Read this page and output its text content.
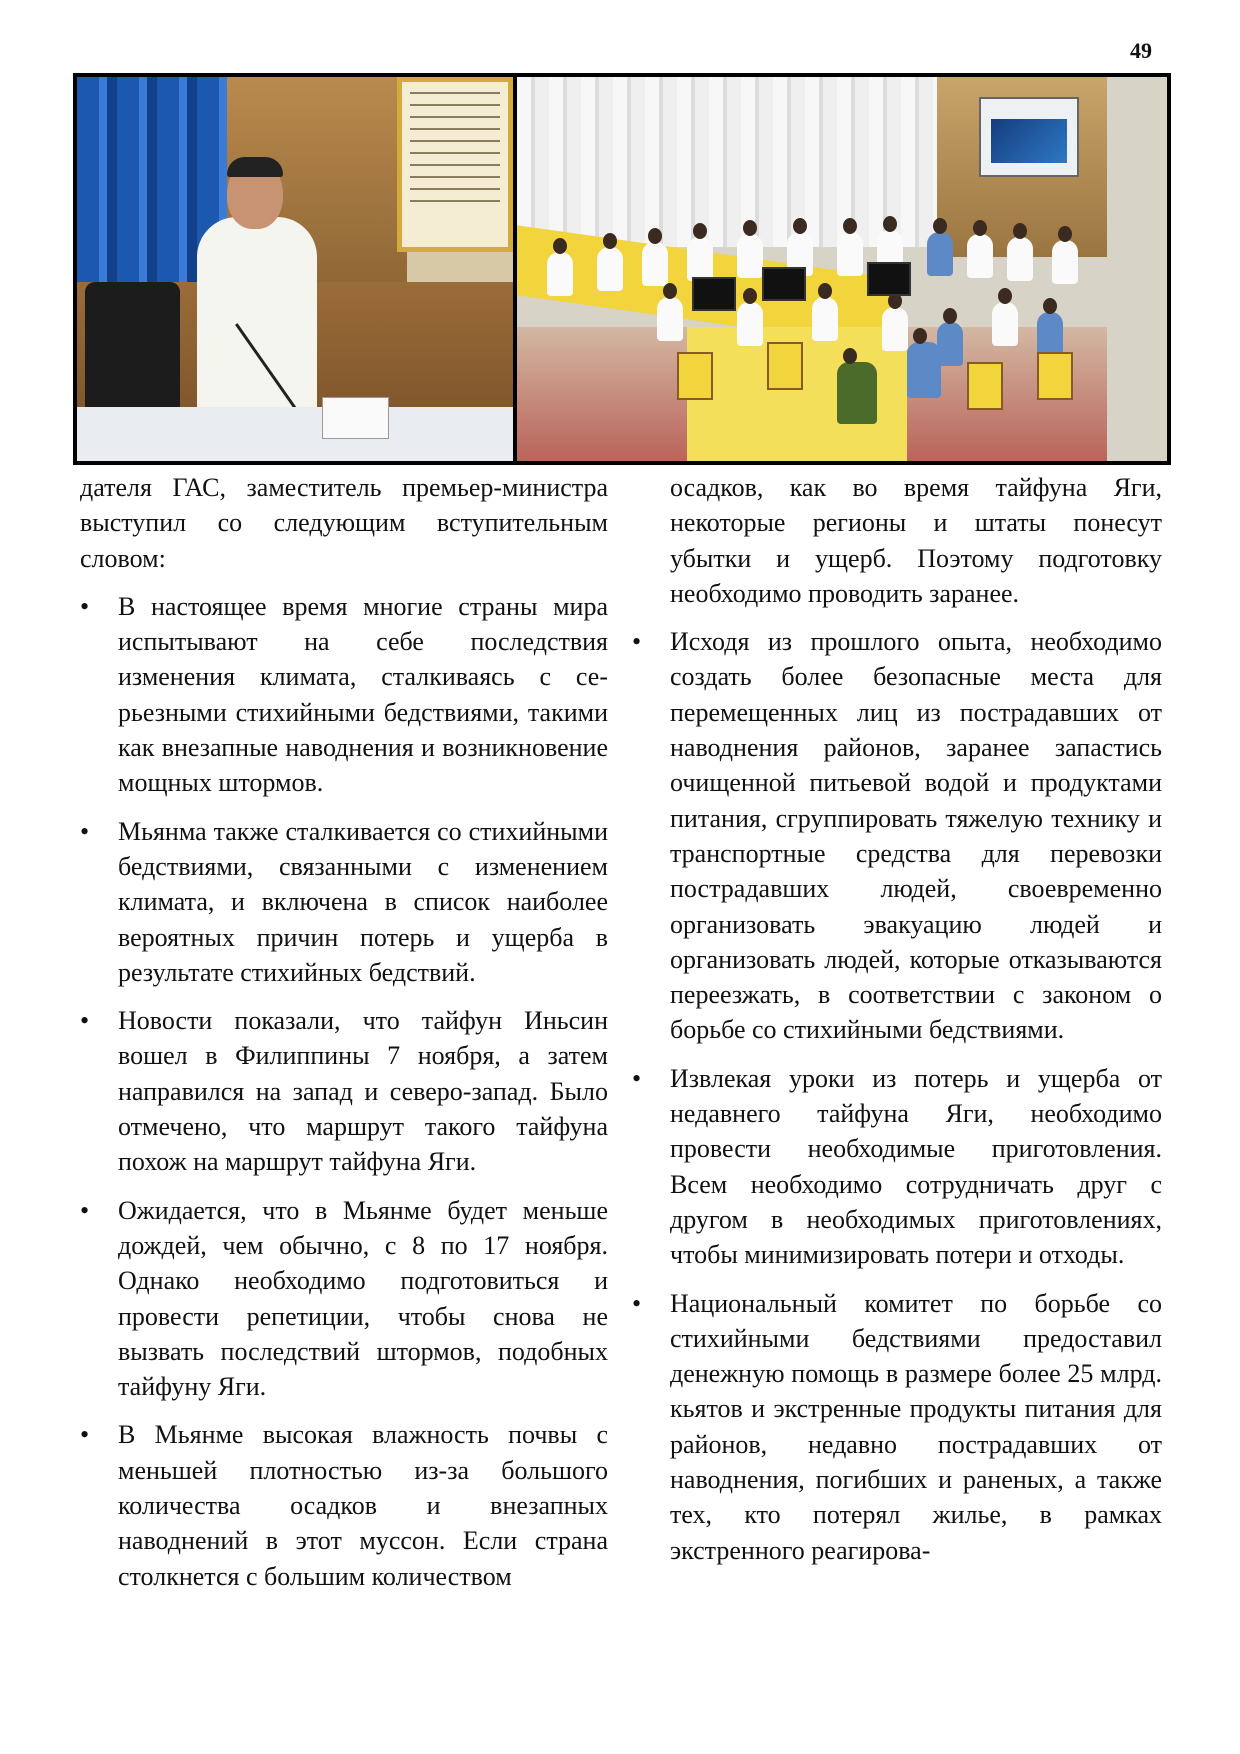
49

дателя ГАС, заместитель премьер-министра выступил со следующим вступительным словом:

• В настоящее время многие страны мира испытывают на себе последствия изменения климата, сталкиваясь с серьезными стихийными бедствиями, такими как внезапные наводнения и возникновение мощных штормов.
• Мьянма также сталкивается со стихийными бедствиями, связанными с изменением климата, и включена в список наиболее вероятных причин потерь и ущерба в результате стихийных бедствий.
• Новости показали, что тайфун Иньсин вошел в Филиппины 7 ноября, а затем направился на запад и северо-запад. Было отмечено, что маршрут такого тайфуна похож на маршрут тайфуна Яги.
• Ожидается, что в Мьянме будет меньше дождей, чем обычно, с 8 по 17 ноября. Однако необходимо подготовиться и провести репетиции, чтобы снова не вызвать последствий штормов, подобных тайфуну Яги.
• В Мьянме высокая влажность почвы с меньшей плотностью из-за большого количества осадков и внезапных наводнений в этот муссон. Если страна столкнется с большим количеством

осадков, как во время тайфуна Яги, некоторые регионы и штаты понесут убытки и ущерб. Поэтому подготовку необходимо проводить заранее.

• Исходя из прошлого опыта, необходимо создать более безопасные места для перемещенных лиц из пострадавших от наводнения районов, заранее запастись очищенной питьевой водой и продуктами питания, сгруппировать тяжелую технику и транспортные средства для перевозки пострадавших людей, своевременно организовать эвакуацию людей и организовать людей, которые отказываются переезжать, в соответствии с законом о борьбе со стихийными бедствиями.
• Извлекая уроки из потерь и ущерба от недавнего тайфуна Яги, необходимо провести необходимые приготовления. Всем необходимо сотрудничать друг с другом в необходимых приготовлениях, чтобы минимизировать потери и отходы.
• Национальный комитет по борьбе со стихийными бедствиями предоставил денежную помощь в размере более 25 млрд. кьятов и экстренные продукты питания для районов, недавно пострадавших от наводнения, погибших и раненых, а также тех, кто потерял жилье, в рамках экстренного реагирова-
